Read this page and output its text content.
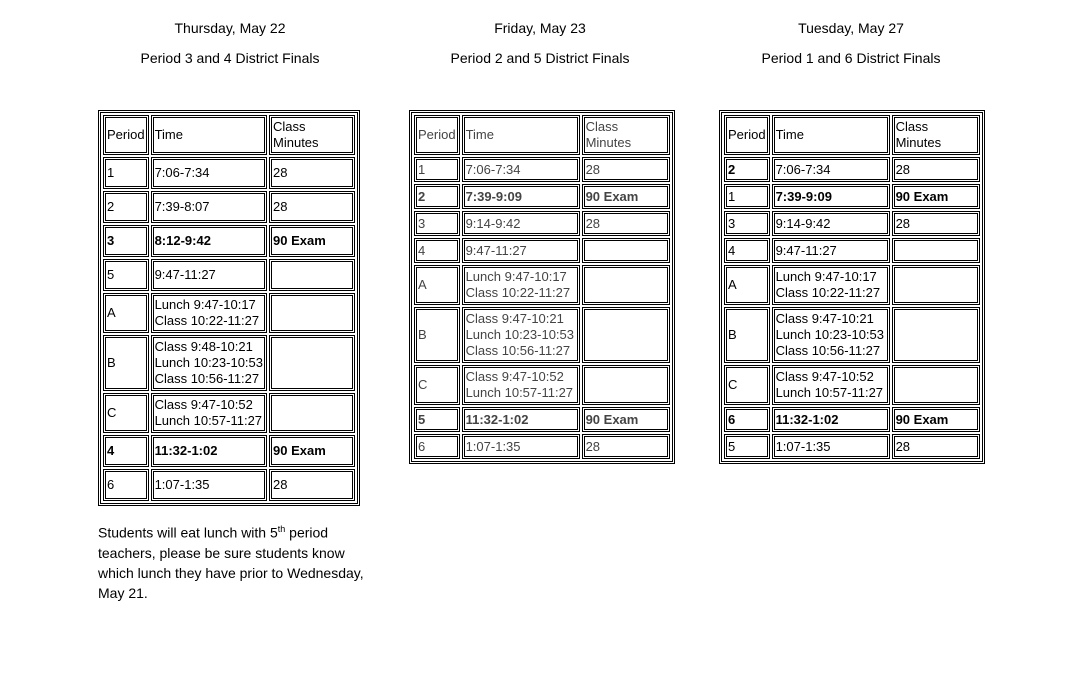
Thursday, May 22
Period 3 and 4 District Finals
Period	Time	Class Minutes
1	7:06-7:34	28
2	7:39-8:07	28
3	8:12-9:42	90 Exam
5	9:47-11:27	

A	Lunch 9:47-10:17
Class 10:22-11:27	

B	Class 9:48-10:21
Lunch 10:23-10:53
Class 10:56-11:27	

C	Class 9:47-10:52
Lunch 10:57-11:27	

4	11:32-1:02	90 Exam
6	1:07-1:35	28
Friday, May 23
Period 2 and 5 District Finals
Period	Time	Class Minutes
1	7:06-7:34	28
2	7:39-9:09	90 Exam
3	9:14-9:42	28
4	9:47-11:27	

A	Lunch 9:47-10:17
Class 10:22-11:27	

B	Class 9:47-10:21
Lunch 10:23-10:53
Class 10:56-11:27	

C	Class 9:47-10:52
Lunch 10:57-11:27	

5	11:32-1:02	90 Exam
6	1:07-1:35	28
Tuesday, May 27
Period 1 and 6 District Finals
Period	Time	Class Minutes
2	7:06-7:34	28
1	7:39-9:09	90 Exam
3	9:14-9:42	28
4	9:47-11:27	

A	Lunch 9:47-10:17
Class 10:22-11:27	

B	Class 9:47-10:21
Lunch 10:23-10:53
Class 10:56-11:27	

C	Class 9:47-10:52
Lunch 10:57-11:27	

6	11:32-1:02	90 Exam
5	1:07-1:35	28
Students will eat lunch with 5th period teachers, please be sure students know which lunch they have prior to Wednesday, May 21.
